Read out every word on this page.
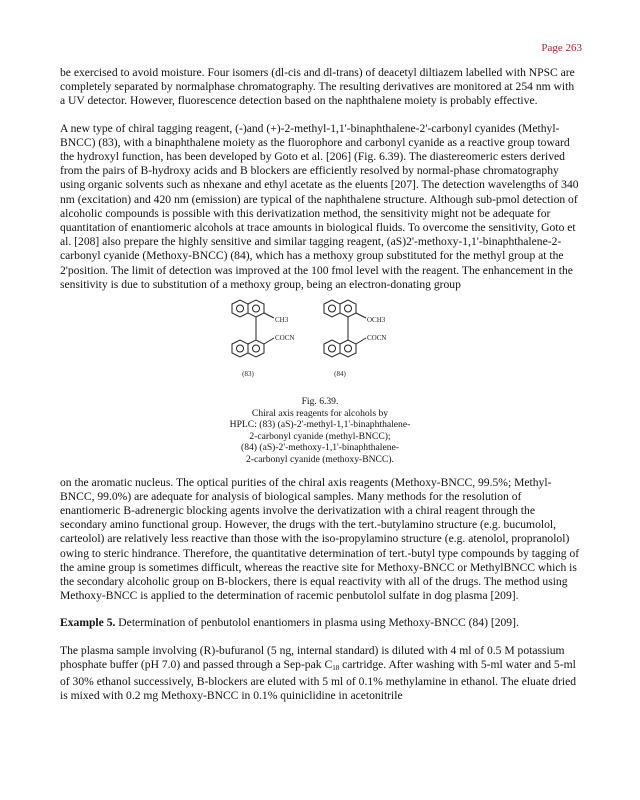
Page 263

be exercised to avoid moisture. Four isomers (dl-cis and dl-trans) of deacetyl diltiazem labelled with NPSC are completely separated by normalphase chromatography. The resulting derivatives are monitored at 254 nm with a UV detector. However, fluorescence detection based on the naphthalene moiety is probably effective.

A new type of chiral tagging reagent, (-)and (+)-2-methyl-1,1'-binaphthalene-2'-carbonyl cyanides (Methyl-BNCC) (83), with a binaphthalene moiety as the fluorophore and carbonyl cyanide as a reactive group toward the hydroxyl function, has been developed by Goto et al. [206] (Fig. 6.39). The diastereomeric esters derived from the pairs of B-hydroxy acids and B blockers are efficiently resolved by normal-phase chromatography using organic solvents such as nhexane and ethyl acetate as the eluents [207]. The detection wavelengths of 340 nm (excitation) and 420 nm (emission) are typical of the naphthalene structure. Although sub-pmol detection of alcoholic compounds is possible with this derivatization method, the sensitivity might not be adequate for quantitation of enantiomeric alcohols at trace amounts in biological fluids. To overcome the sensitivity, Goto et al. [208] also prepare the highly sensitive and similar tagging reagent, (aS)2'-methoxy-1,1'-binaphthalene-2-carbonyl cyanide (Methoxy-BNCC) (84), which has a methoxy group substituted for the methyl group at the 2'position. The limit of detection was improved at the 100 fmol level with the reagent. The enhancement in the sensitivity is due to substitution of a methoxy group, being an electron-donating group

CH3
COCN
(83)
OCH3
COCN
(84)
Fig. 6.39.
Chiral axis reagents for alcohols by
HPLC: (83) (aS)-2'-methyl-1,1'-binaphthalene-
2-carbonyl cyanide (methyl-BNCC);
(84) (aS)-2'-methoxy-1,1'-binaphthalene-
2-carbonyl cyanide (methoxy-BNCC).

on the aromatic nucleus. The optical purities of the chiral axis reagents (Methoxy-BNCC, 99.5%; Methyl-BNCC, 99.0%) are adequate for analysis of biological samples. Many methods for the resolution of enantiomeric B-adrenergic blocking agents involve the derivatization with a chiral reagent through the secondary amino functional group. However, the drugs with the tert.-butylamino structure (e.g. bucumolol, carteolol) are relatively less reactive than those with the iso-propylamino structure (e.g. atenolol, propranolol) owing to steric hindrance. Therefore, the quantitative determination of tert.-butyl type compounds by tagging of the amine group is sometimes difficult, whereas the reactive site for Methoxy-BNCC or MethylBNCC which is the secondary alcoholic group on B-blockers, there is equal reactivity with all of the drugs. The method using Methoxy-BNCC is applied to the determination of racemic penbutolol sulfate in dog plasma [209].

Example 5. Determination of penbutolol enantiomers in plasma using Methoxy-BNCC (84) [209].

The plasma sample involving (R)-bufuranol (5 ng, internal standard) is diluted with 4 ml of 0.5 M potassium phosphate buffer (pH 7.0) and passed through a Sep-pak $C_{18}$ cartridge. After washing with 5-ml water and 5-ml of 30% ethanol successively, B-blockers are eluted with 5 ml of 0.1% methylamine in ethanol. The eluate dried is mixed with 0.2 mg Methoxy-BNCC in 0.1% quiniclidine in acetonitrile
